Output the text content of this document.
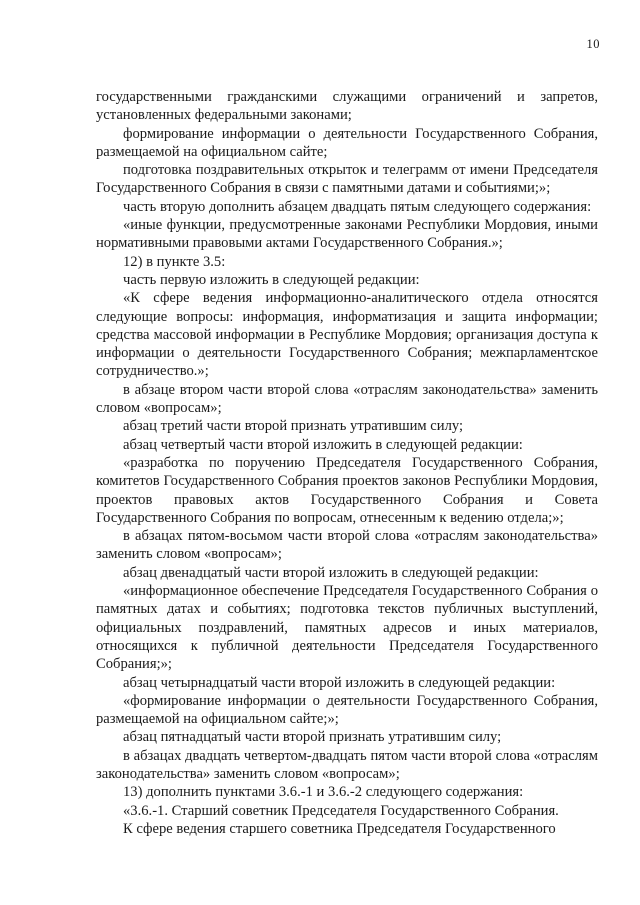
10

государственными гражданскими служащими ограничений и запретов, установленных федеральными законами;

формирование информации о деятельности Государственного Собрания, размещаемой на официальном сайте;

подготовка поздравительных открыток и телеграмм от имени Председателя Государственного Собрания в связи с памятными датами и событиями;»;

часть вторую дополнить абзацем двадцать пятым следующего содержания:

«иные функции, предусмотренные законами Республики Мордовия, иными нормативными правовыми актами Государственного Собрания.»;

12) в пункте 3.5:

часть первую изложить в следующей редакции:

«К сфере ведения информационно-аналитического отдела относятся следующие вопросы: информация, информатизация и защита информации; средства массовой информации в Республике Мордовия; организация доступа к информации о деятельности Государственного Собрания; межпарламентское сотрудничество.»;

в абзаце втором части второй слова «отраслям законодательства» заменить словом «вопросам»;

абзац третий части второй признать утратившим силу;

абзац четвертый части второй изложить в следующей редакции:

«разработка по поручению Председателя Государственного Собрания, комитетов Государственного Собрания проектов законов Республики Мордовия, проектов правовых актов Государственного Собрания и Совета Государственного Собрания по вопросам, отнесенным к ведению отдела;»;

в абзацах пятом-восьмом части второй слова «отраслям законодательства» заменить словом «вопросам»;

абзац двенадцатый части второй изложить в следующей редакции:

«информационное обеспечение Председателя Государственного Собрания о памятных датах и событиях; подготовка текстов публичных выступлений, официальных поздравлений, памятных адресов и иных материалов, относящихся к публичной деятельности Председателя Государственного Собрания;»;

абзац четырнадцатый части второй изложить в следующей редакции:

«формирование информации о деятельности Государственного Собрания, размещаемой на официальном сайте;»;

абзац пятнадцатый части второй признать утратившим силу;

в абзацах двадцать четвертом-двадцать пятом части второй слова «отраслям законодательства» заменить словом «вопросам»;

13) дополнить пунктами 3.6.-1 и 3.6.-2 следующего содержания:

«3.6.-1. Старший советник Председателя Государственного Собрания.

К сфере ведения старшего советника Председателя Государственного
